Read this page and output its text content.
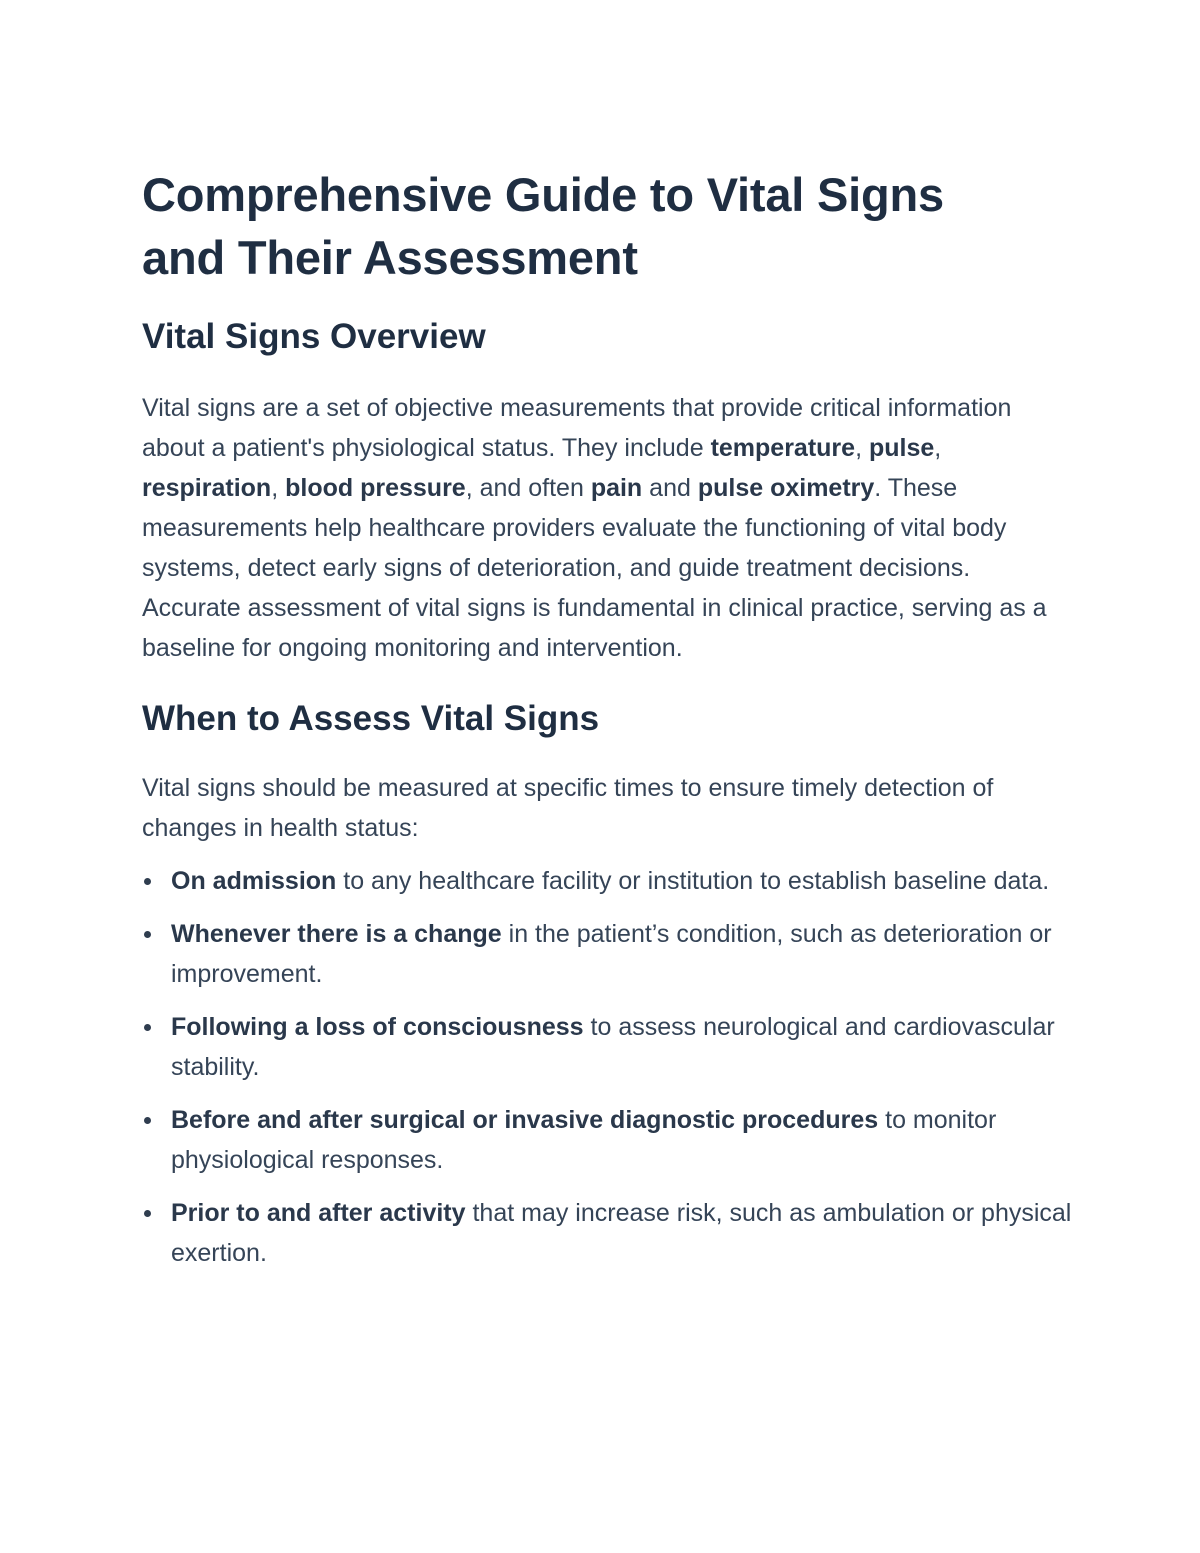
Comprehensive Guide to Vital Signs
and Their Assessment
Vital Signs Overview

Vital signs are a set of objective measurements that provide critical information about a patient's physiological status. They include temperature, pulse, respiration, blood pressure, and often pain and pulse oximetry. These measurements help healthcare providers evaluate the functioning of vital body systems, detect early signs of deterioration, and guide treatment decisions. Accurate assessment of vital signs is fundamental in clinical practice, serving as a baseline for ongoing monitoring and intervention.

When to Assess Vital Signs

Vital signs should be measured at specific times to ensure timely detection of changes in health status:

On admission to any healthcare facility or institution to establish baseline data.
Whenever there is a change in the patient’s condition, such as deterioration or improvement.
Following a loss of consciousness to assess neurological and cardiovascular stability.
Before and after surgical or invasive diagnostic procedures to monitor physiological responses.
Prior to and after activity that may increase risk, such as ambulation or physical exertion.
